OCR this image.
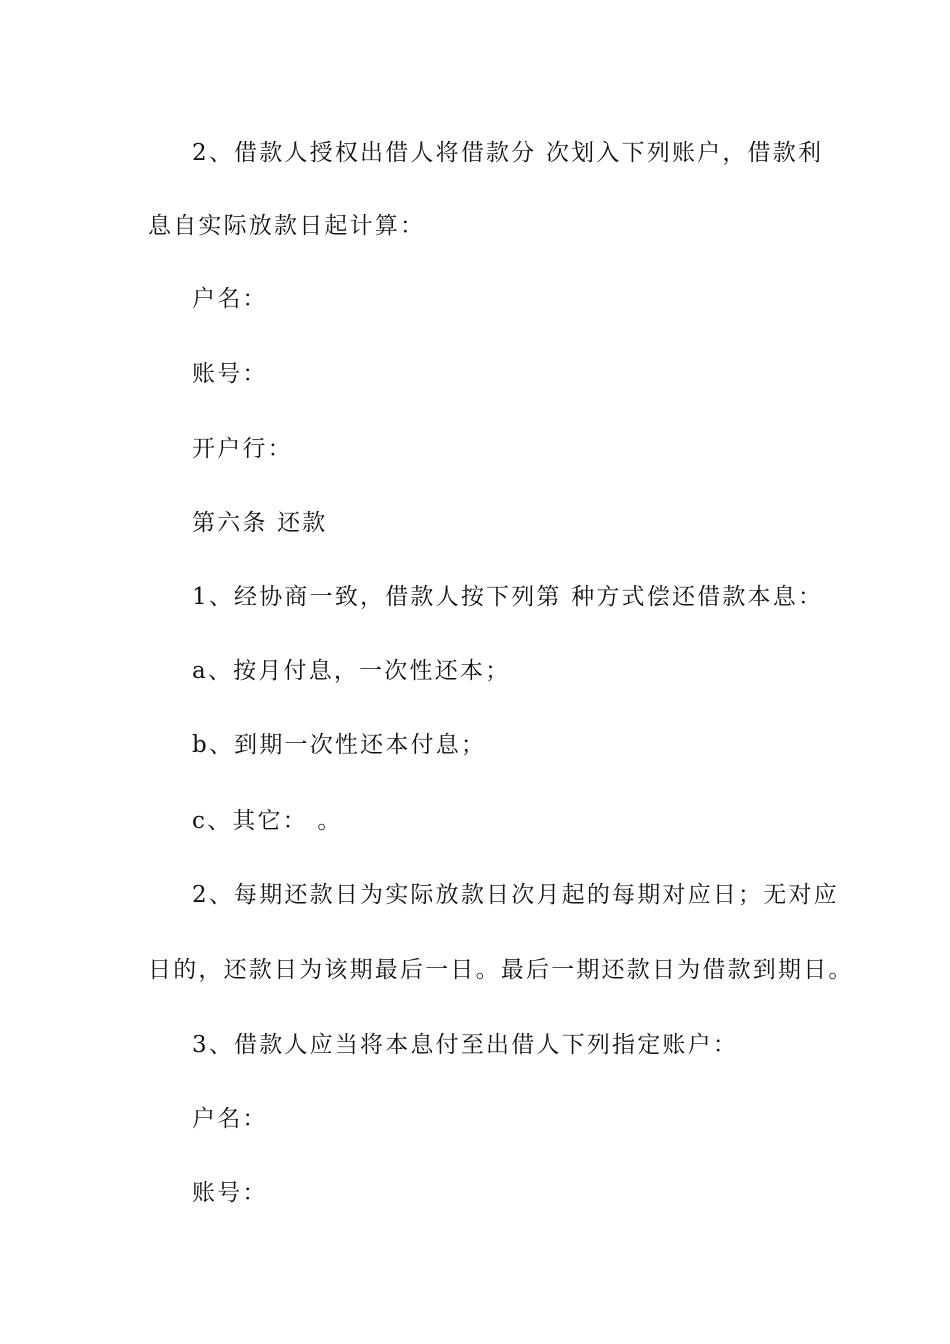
2、借款人授权出借人将借款分 次划入下列账户，借款利
息自实际放款日起计算：
户名：
账号：
开户行：
第六条 还款
1、经协商一致，借款人按下列第 种方式偿还借款本息：
a、按月付息，一次性还本；
b、到期一次性还本付息；
c、其它： 。
2、每期还款日为实际放款日次月起的每期对应日；无对应
日的，还款日为该期最后一日。最后一期还款日为借款到期日。
3、借款人应当将本息付至出借人下列指定账户：
户名：
账号：
